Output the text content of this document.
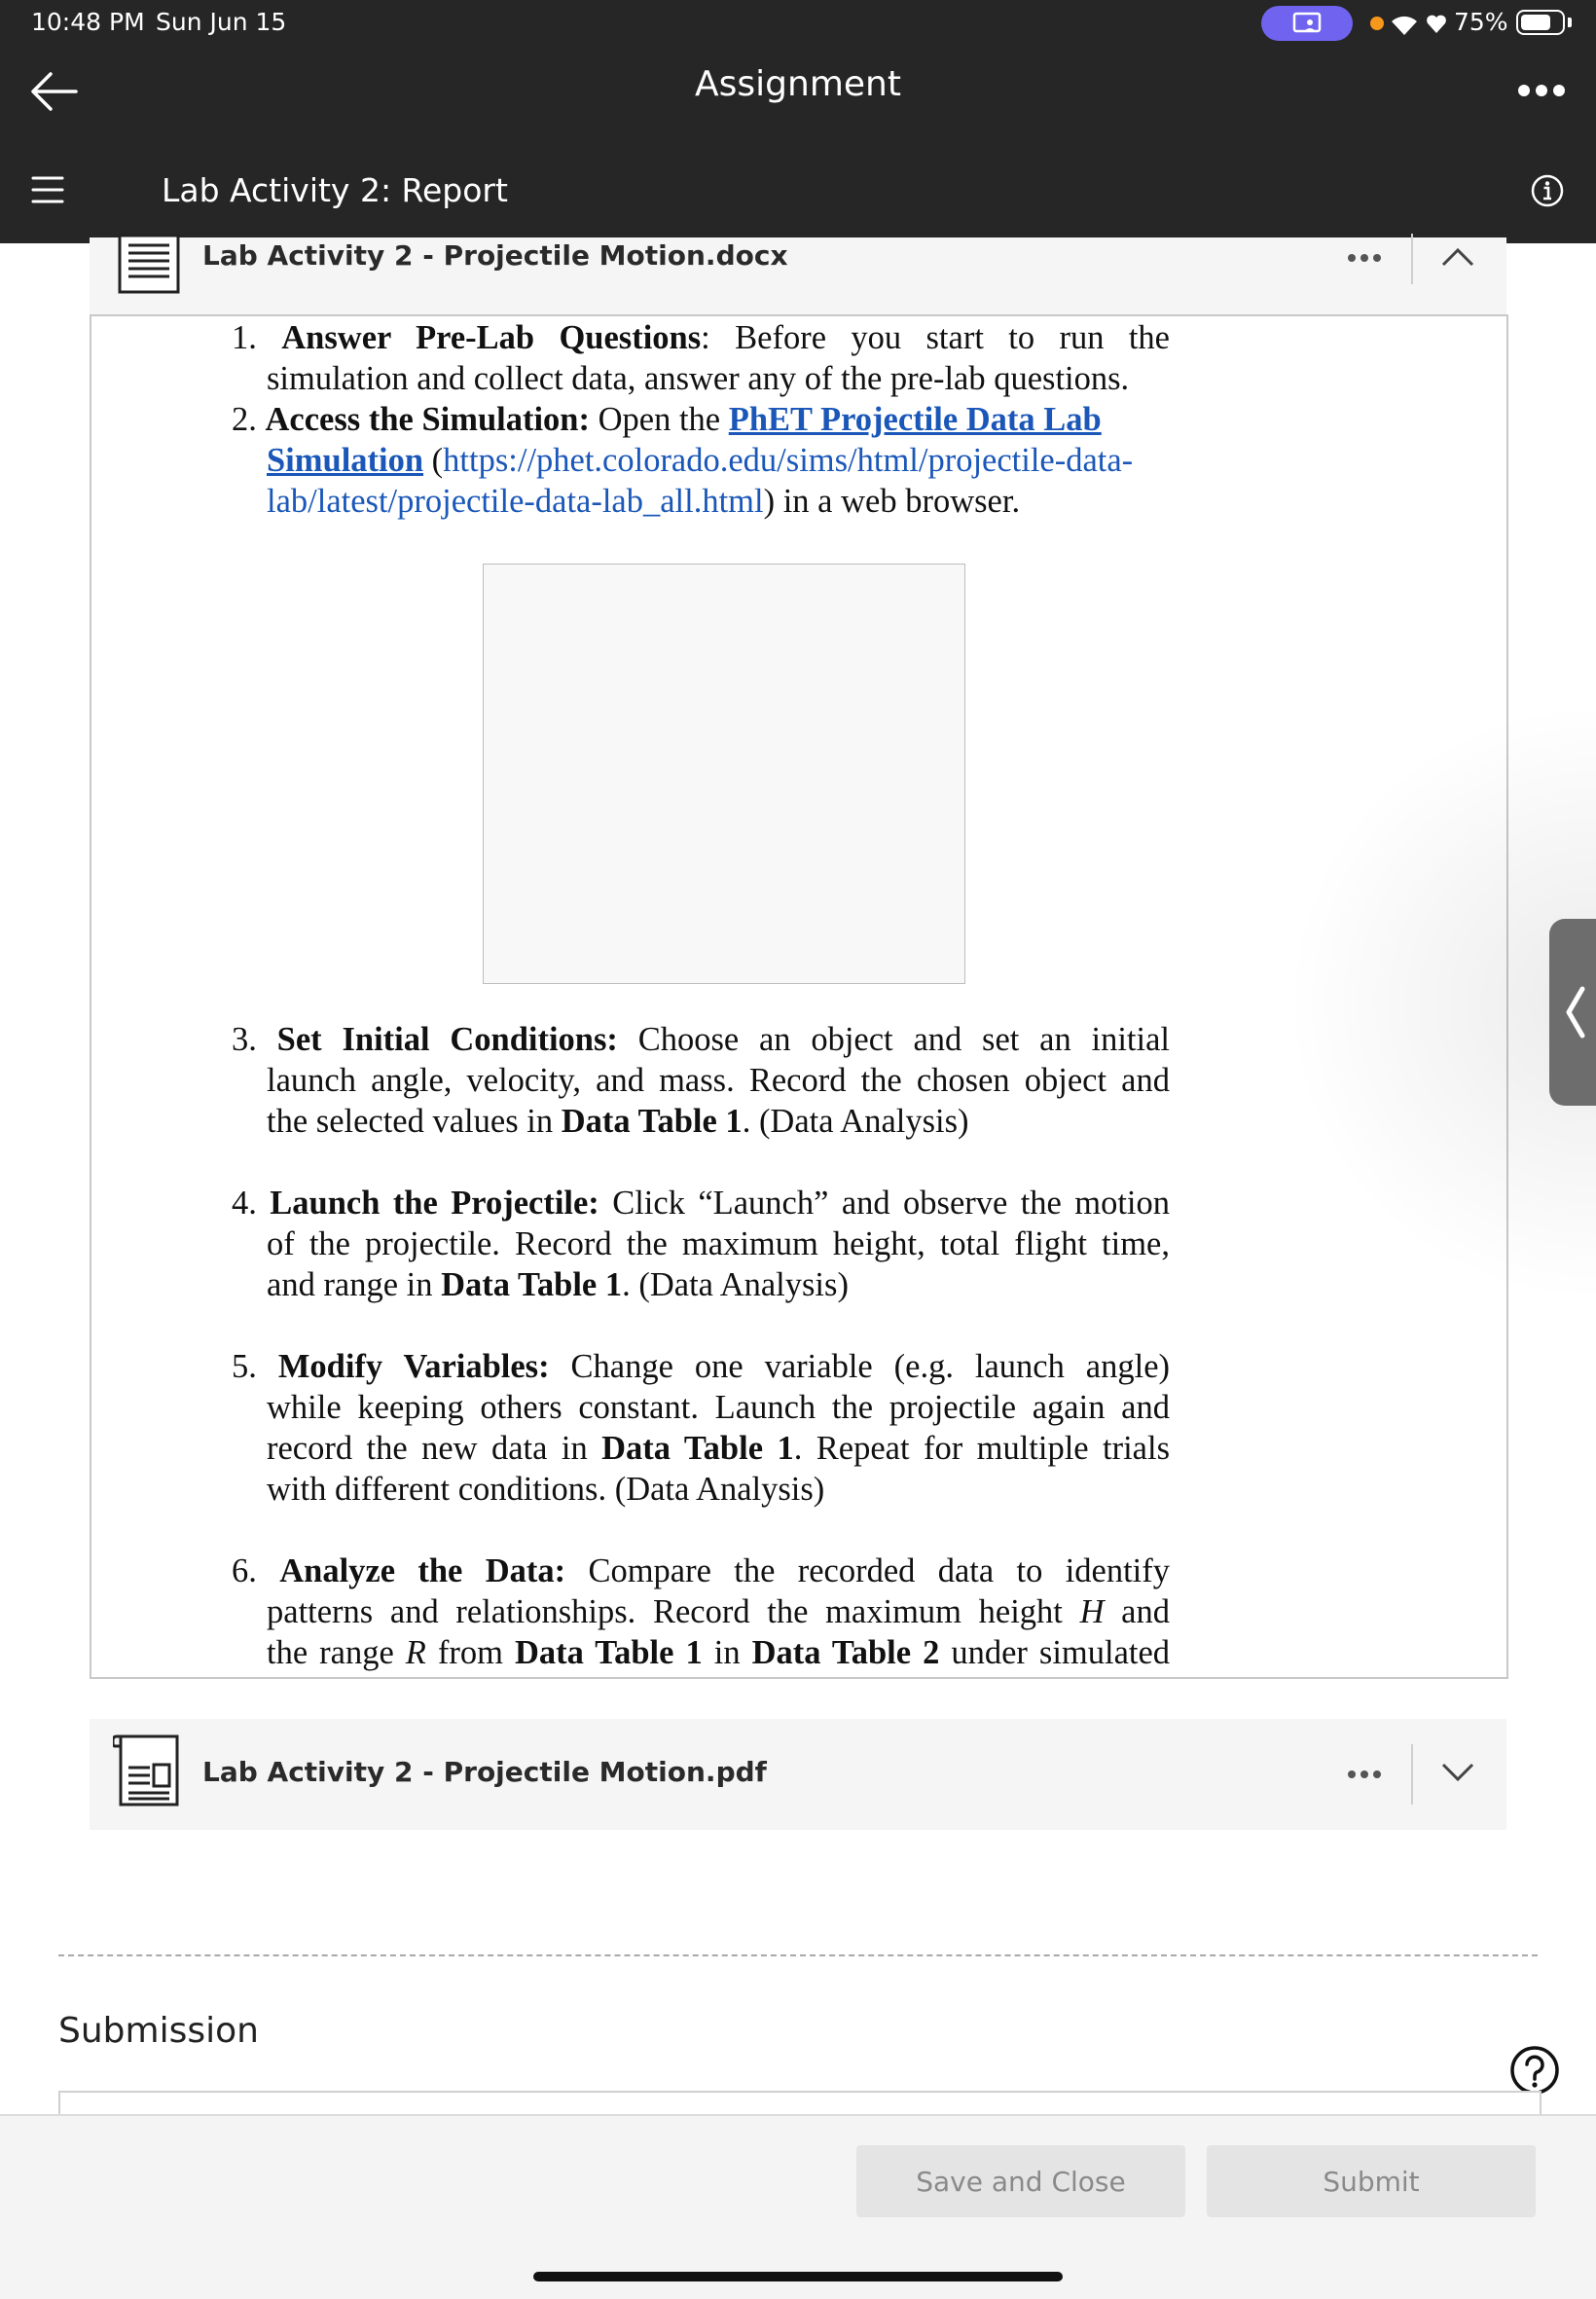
10:48 PM Sun Jun 15	75%
Assignment
Lab Activity 2: Report
Lab Activity 2 - Projectile Motion.docx
1. Answer Pre-Lab Questions: Before you start to run the
simulation and collect data, answer any of the pre-lab questions.
2. Access the Simulation: Open the PhET Projectile Data Lab
Simulation (https://phet.colorado.edu/sims/html/projectile-data-
lab/latest/projectile-data-lab_all.html) in a web browser.
3. Set Initial Conditions: Choose an object and set an initial
launch angle, velocity, and mass. Record the chosen object and
the selected values in Data Table 1. (Data Analysis)
4. Launch the Projectile: Click “Launch” and observe the motion
of the projectile. Record the maximum height, total flight time,
and range in Data Table 1. (Data Analysis)
5. Modify Variables: Change one variable (e.g. launch angle)
while keeping others constant. Launch the projectile again and
record the new data in Data Table 1. Repeat for multiple trials
with different conditions. (Data Analysis)
6. Analyze the Data: Compare the recorded data to identify
patterns and relationships. Record the maximum height H and
the range R from Data Table 1 in Data Table 2 under simulated
Lab Activity 2 - Projectile Motion.pdf
Submission
Save and Close	Submit
